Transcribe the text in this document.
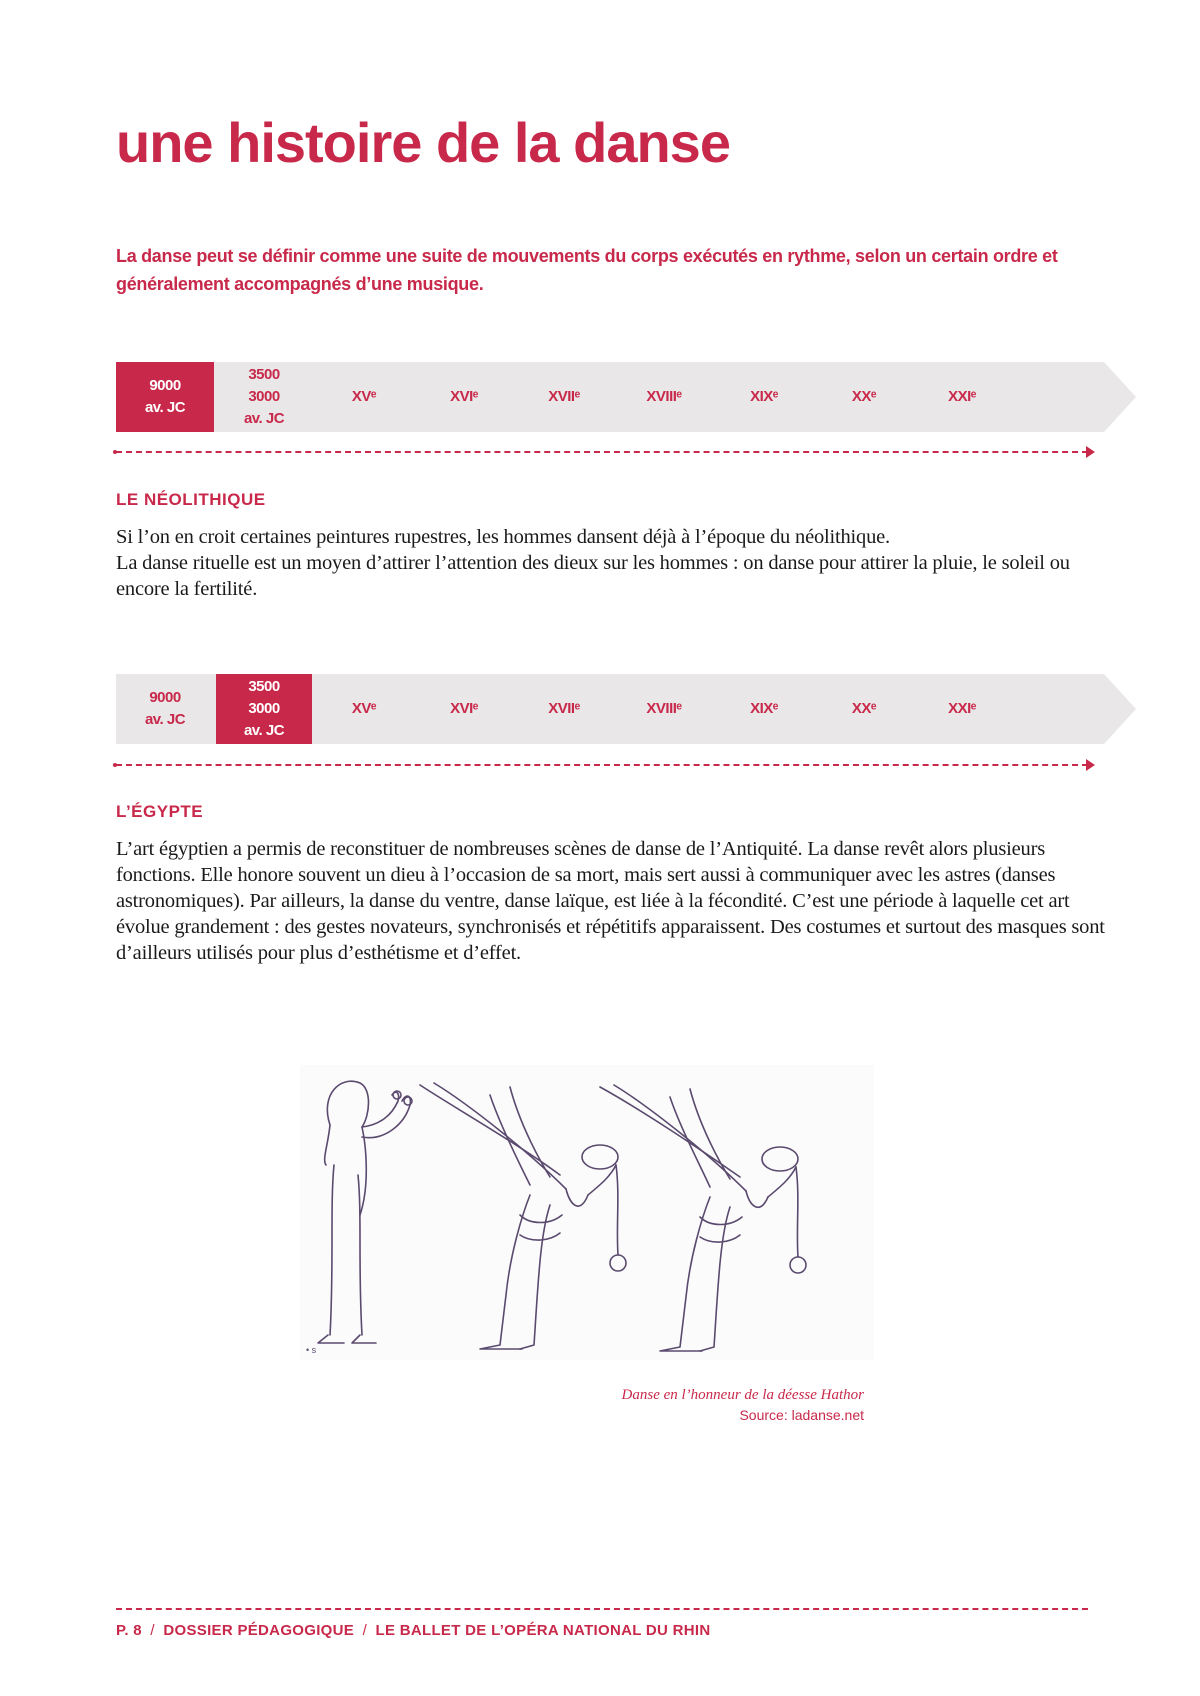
une histoire de la danse

La danse peut se définir comme une suite de mouvements du corps exécutés en rythme, selon un certain ordre et généralement accompagnés d’une musique.

9000
av. JC
3500
3000
av. JC
XVᵉ	XVIᵉ	XVIIᵉ	XVIIIᵉ	XIXᵉ	XXᵉ	XXIᵉ
LE NÉOLITHIQUE

Si l’on en croit certaines peintures rupestres, les hommes dansent déjà à l’époque du néolithique.

La danse rituelle est un moyen d’attirer l’attention des dieux sur les hommes : on danse pour attirer la pluie, le soleil ou encore la fertilité.

9000
av. JC
3500
3000
av. JC
XVᵉ	XVIᵉ	XVIIᵉ	XVIIIᵉ	XIXᵉ	XXᵉ	XXIᵉ
L’ÉGYPTE

L’art égyptien a permis de reconstituer de nombreuses scènes de danse de l’Antiquité. La danse revêt alors plusieurs fonctions. Elle honore souvent un dieu à l’occasion de sa mort, mais sert aussi à communiquer avec les astres (danses astronomiques). Par ailleurs, la danse du ventre, danse laïque, est liée à la fécondité. C’est une période à laquelle cet art évolue grandement : des gestes novateurs, synchronisés et répétitifs apparaissent. Des costumes et surtout des masques sont d’ailleurs utilisés pour plus d’esthétisme et d’effet.

• s
Danse en l’honneur de la déesse Hathor
Source: ladanse.net
P. 8 / DOSSIER PÉDAGOGIQUE / LE BALLET DE L’OPÉRA NATIONAL DU RHIN
